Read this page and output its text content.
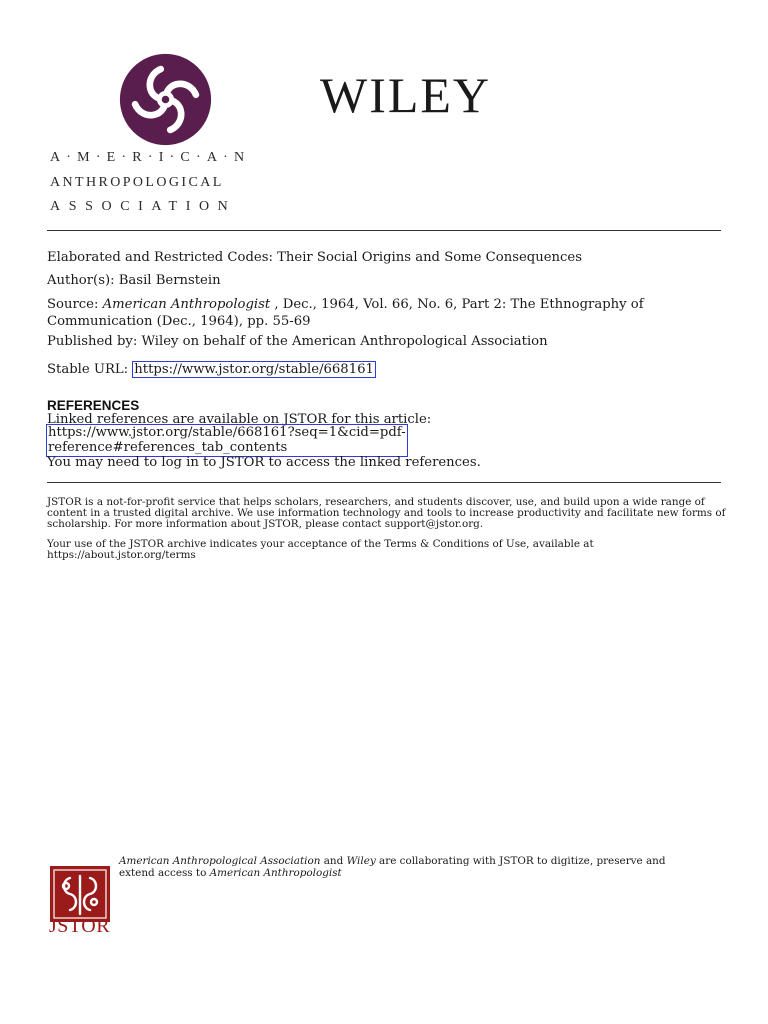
A·M·E·R·I·C·A·N
ANTHROPOLOGICAL
ASSOCIATION
WILEY
Elaborated and Restricted Codes: Their Social Origins and Some Consequences
Author(s): Basil Bernstein
Source: American Anthropologist , Dec., 1964, Vol. 66, No. 6, Part 2: The Ethnography of Communication (Dec., 1964), pp. 55-69
Published by: Wiley on behalf of the American Anthropological Association
Stable URL: https://www.jstor.org/stable/668161
REFERENCES
Linked references are available on JSTOR for this article:
https://www.jstor.org/stable/668161?seq=1&cid=pdf-
reference#references_tab_contents
You may need to log in to JSTOR to access the linked references.
JSTOR is a not-for-profit service that helps scholars, researchers, and students discover, use, and build upon a wide range of content in a trusted digital archive. We use information technology and tools to increase productivity and facilitate new forms of scholarship. For more information about JSTOR, please contact support@jstor.org.
Your use of the JSTOR archive indicates your acceptance of the Terms & Conditions of Use, available at https://about.jstor.org/terms
JSTOR
American Anthropological Association and Wiley are collaborating with JSTOR to digitize, preserve and extend access to American Anthropologist
